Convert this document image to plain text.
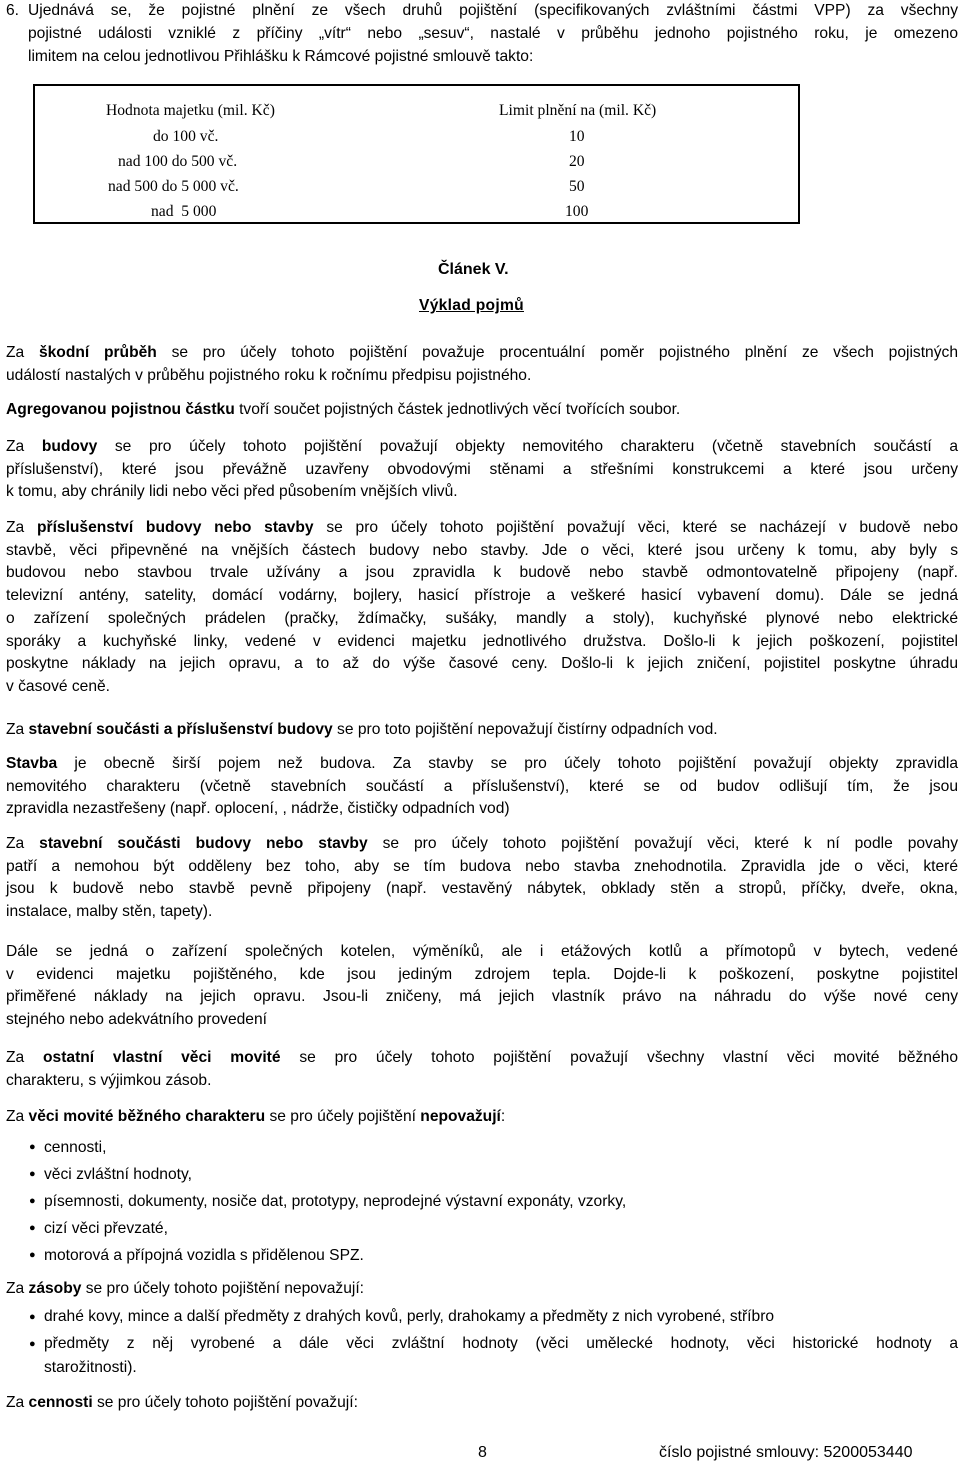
6. Ujednává se, že pojistné plnění ze všech druhů pojištění (specifikovaných zvláštními částmi VPP) za všechny
pojistné události vzniklé z příčiny „vítr“ nebo „sesuv“, nastalé v průběhu jednoho pojistného roku, je omezeno
limitem na celou jednotlivou Přihlášku k Rámcové pojistné smlouvě takto:
Hodnota majetku (mil. Kč)	Limit plnění na (mil. Kč)
do 100 vč.	10
nad 100 do 500 vč.	20
nad 500 do 5 000 vč.	50
nad  5 000	100
Článek V.
Výklad pojmů
Za škodní průběh se pro účely tohoto pojištění považuje procentuální poměr pojistného plnění ze všech pojistných
událostí nastalých v průběhu pojistného roku k ročnímu předpisu pojistného.
Agregovanou pojistnou částku tvoří součet pojistných částek jednotlivých věcí tvořících soubor.
Za budovy se pro účely tohoto pojištění považují objekty nemovitého charakteru (včetně stavebních součástí a
příslušenství), které jsou převážně uzavřeny obvodovými stěnami a střešními konstrukcemi a které jsou určeny
k tomu, aby chránily lidi nebo věci před působením vnějších vlivů.
Za příslušenství budovy nebo stavby se pro účely tohoto pojištění považují věci, které se nacházejí v budově nebo
stavbě, věci připevněné na vnějších částech budovy nebo stavby. Jde o věci, které jsou určeny k tomu, aby byly s
budovou nebo stavbou trvale užívány a jsou zpravidla k budově nebo stavbě odmontovatelně připojeny (např.
televizní antény, satelity, domácí vodárny, bojlery, hasicí přístroje a veškeré hasicí vybavení domu). Dále se jedná
o zařízení společných prádelen (pračky, ždímačky, sušáky, mandly a stoly), kuchyňské plynové nebo elektrické
sporáky a kuchyňské linky, vedené v evidenci majetku jednotlivého družstva. Došlo-li k jejich poškození, pojistitel
poskytne náklady na jejich opravu, a to až do výše časové ceny. Došlo-li k jejich zničení, pojistitel poskytne úhradu
v časové ceně.
Za stavební součásti a příslušenství budovy se pro toto pojištění nepovažují čistírny odpadních vod.
Stavba je obecně širší pojem než budova. Za stavby se pro účely tohoto pojištění považují objekty zpravidla
nemovitého charakteru (včetně stavebních součástí a příslušenství), které se od budov odlišují tím, že jsou
zpravidla nezastřešeny (např. oplocení, , nádrže, čističky odpadních vod)
Za stavební součásti budovy nebo stavby se pro účely tohoto pojištění považují věci, které k ní podle povahy
patří a nemohou být odděleny bez toho, aby se tím budova nebo stavba znehodnotila. Zpravidla jde o věci, které
jsou k budově nebo stavbě pevně připojeny (např. vestavěný nábytek, obklady stěn a stropů, příčky, dveře, okna,
instalace, malby stěn, tapety).
Dále se jedná o zařízení společných kotelen, výměníků, ale i etážových kotlů a přímotopů v bytech, vedené
v evidenci majetku pojištěného, kde jsou jediným zdrojem tepla. Dojde-li k poškození, poskytne pojistitel
přiměřené náklady na jejich opravu. Jsou-li zničeny, má jejich vlastník právo na náhradu do výše nové ceny
stejného nebo adekvátního provedení
Za ostatní vlastní věci movité se pro účely tohoto pojištění považují všechny vlastní věci movité běžného
charakteru, s výjimkou zásob.
Za věci movité běžného charakteru se pro účely pojištění nepovažují:
● cennosti,
● věci zvláštní hodnoty,
● písemnosti, dokumenty, nosiče dat, prototypy, neprodejné výstavní exponáty, vzorky,
● cizí věci převzaté,
● motorová a přípojná vozidla s přidělenou SPZ.
Za zásoby se pro účely tohoto pojištění nepovažují:
● drahé kovy, mince a další předměty z drahých kovů, perly, drahokamy a předměty z nich vyrobené, stříbro
● předměty z něj vyrobené a dále věci zvláštní hodnoty (věci umělecké hodnoty, věci historické hodnoty a
starožitnosti).
Za cennosti se pro účely tohoto pojištění považují:
8	číslo pojistné smlouvy: 5200053440
